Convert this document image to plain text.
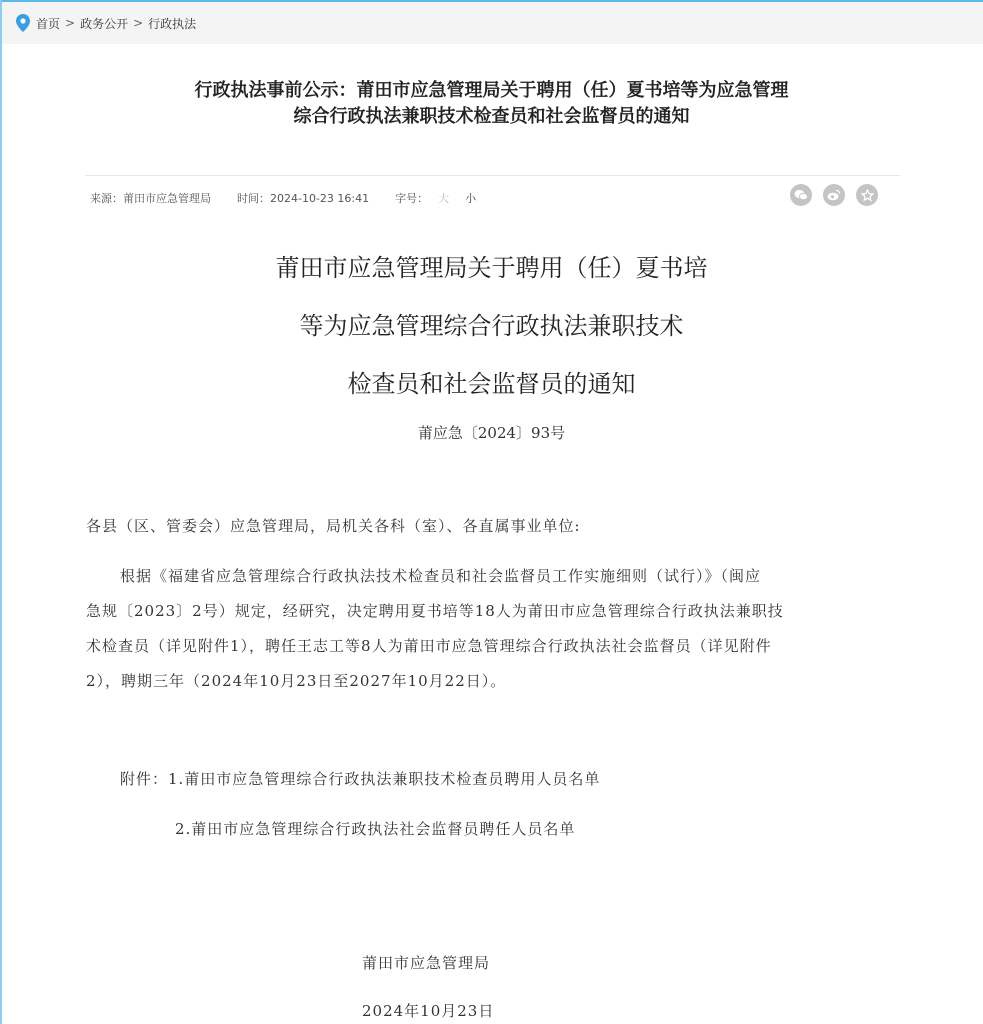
首页 > 政务公开 > 行政执法
行政执法事前公示：莆田市应急管理局关于聘用（任）夏书培等为应急管理
综合行政执法兼职技术检查员和社会监督员的通知
来源：莆田市应急管理局 时间：2024-10-23 16:41 字号： 大 小
莆田市应急管理局关于聘用（任）夏书培
等为应急管理综合行政执法兼职技术
检查员和社会监督员的通知
莆应急〔2024〕93号
各县（区、管委会）应急管理局，局机关各科（室）、各直属事业单位:
根据《福建省应急管理综合行政执法技术检查员和社会监督员工作实施细则（试行）》（闽应
急规〔2023〕2号）规定，经研究，决定聘用夏书培等18人为莆田市应急管理综合行政执法兼职技
术检查员（详见附件1），聘任王志工等8人为莆田市应急管理综合行政执法社会监督员（详见附件
2），聘期三年（2024年10月23日至2027年10月22日）。
附件：1.莆田市应急管理综合行政执法兼职技术检查员聘用人员名单
2.莆田市应急管理综合行政执法社会监督员聘任人员名单
莆田市应急管理局
2024年10月23日
